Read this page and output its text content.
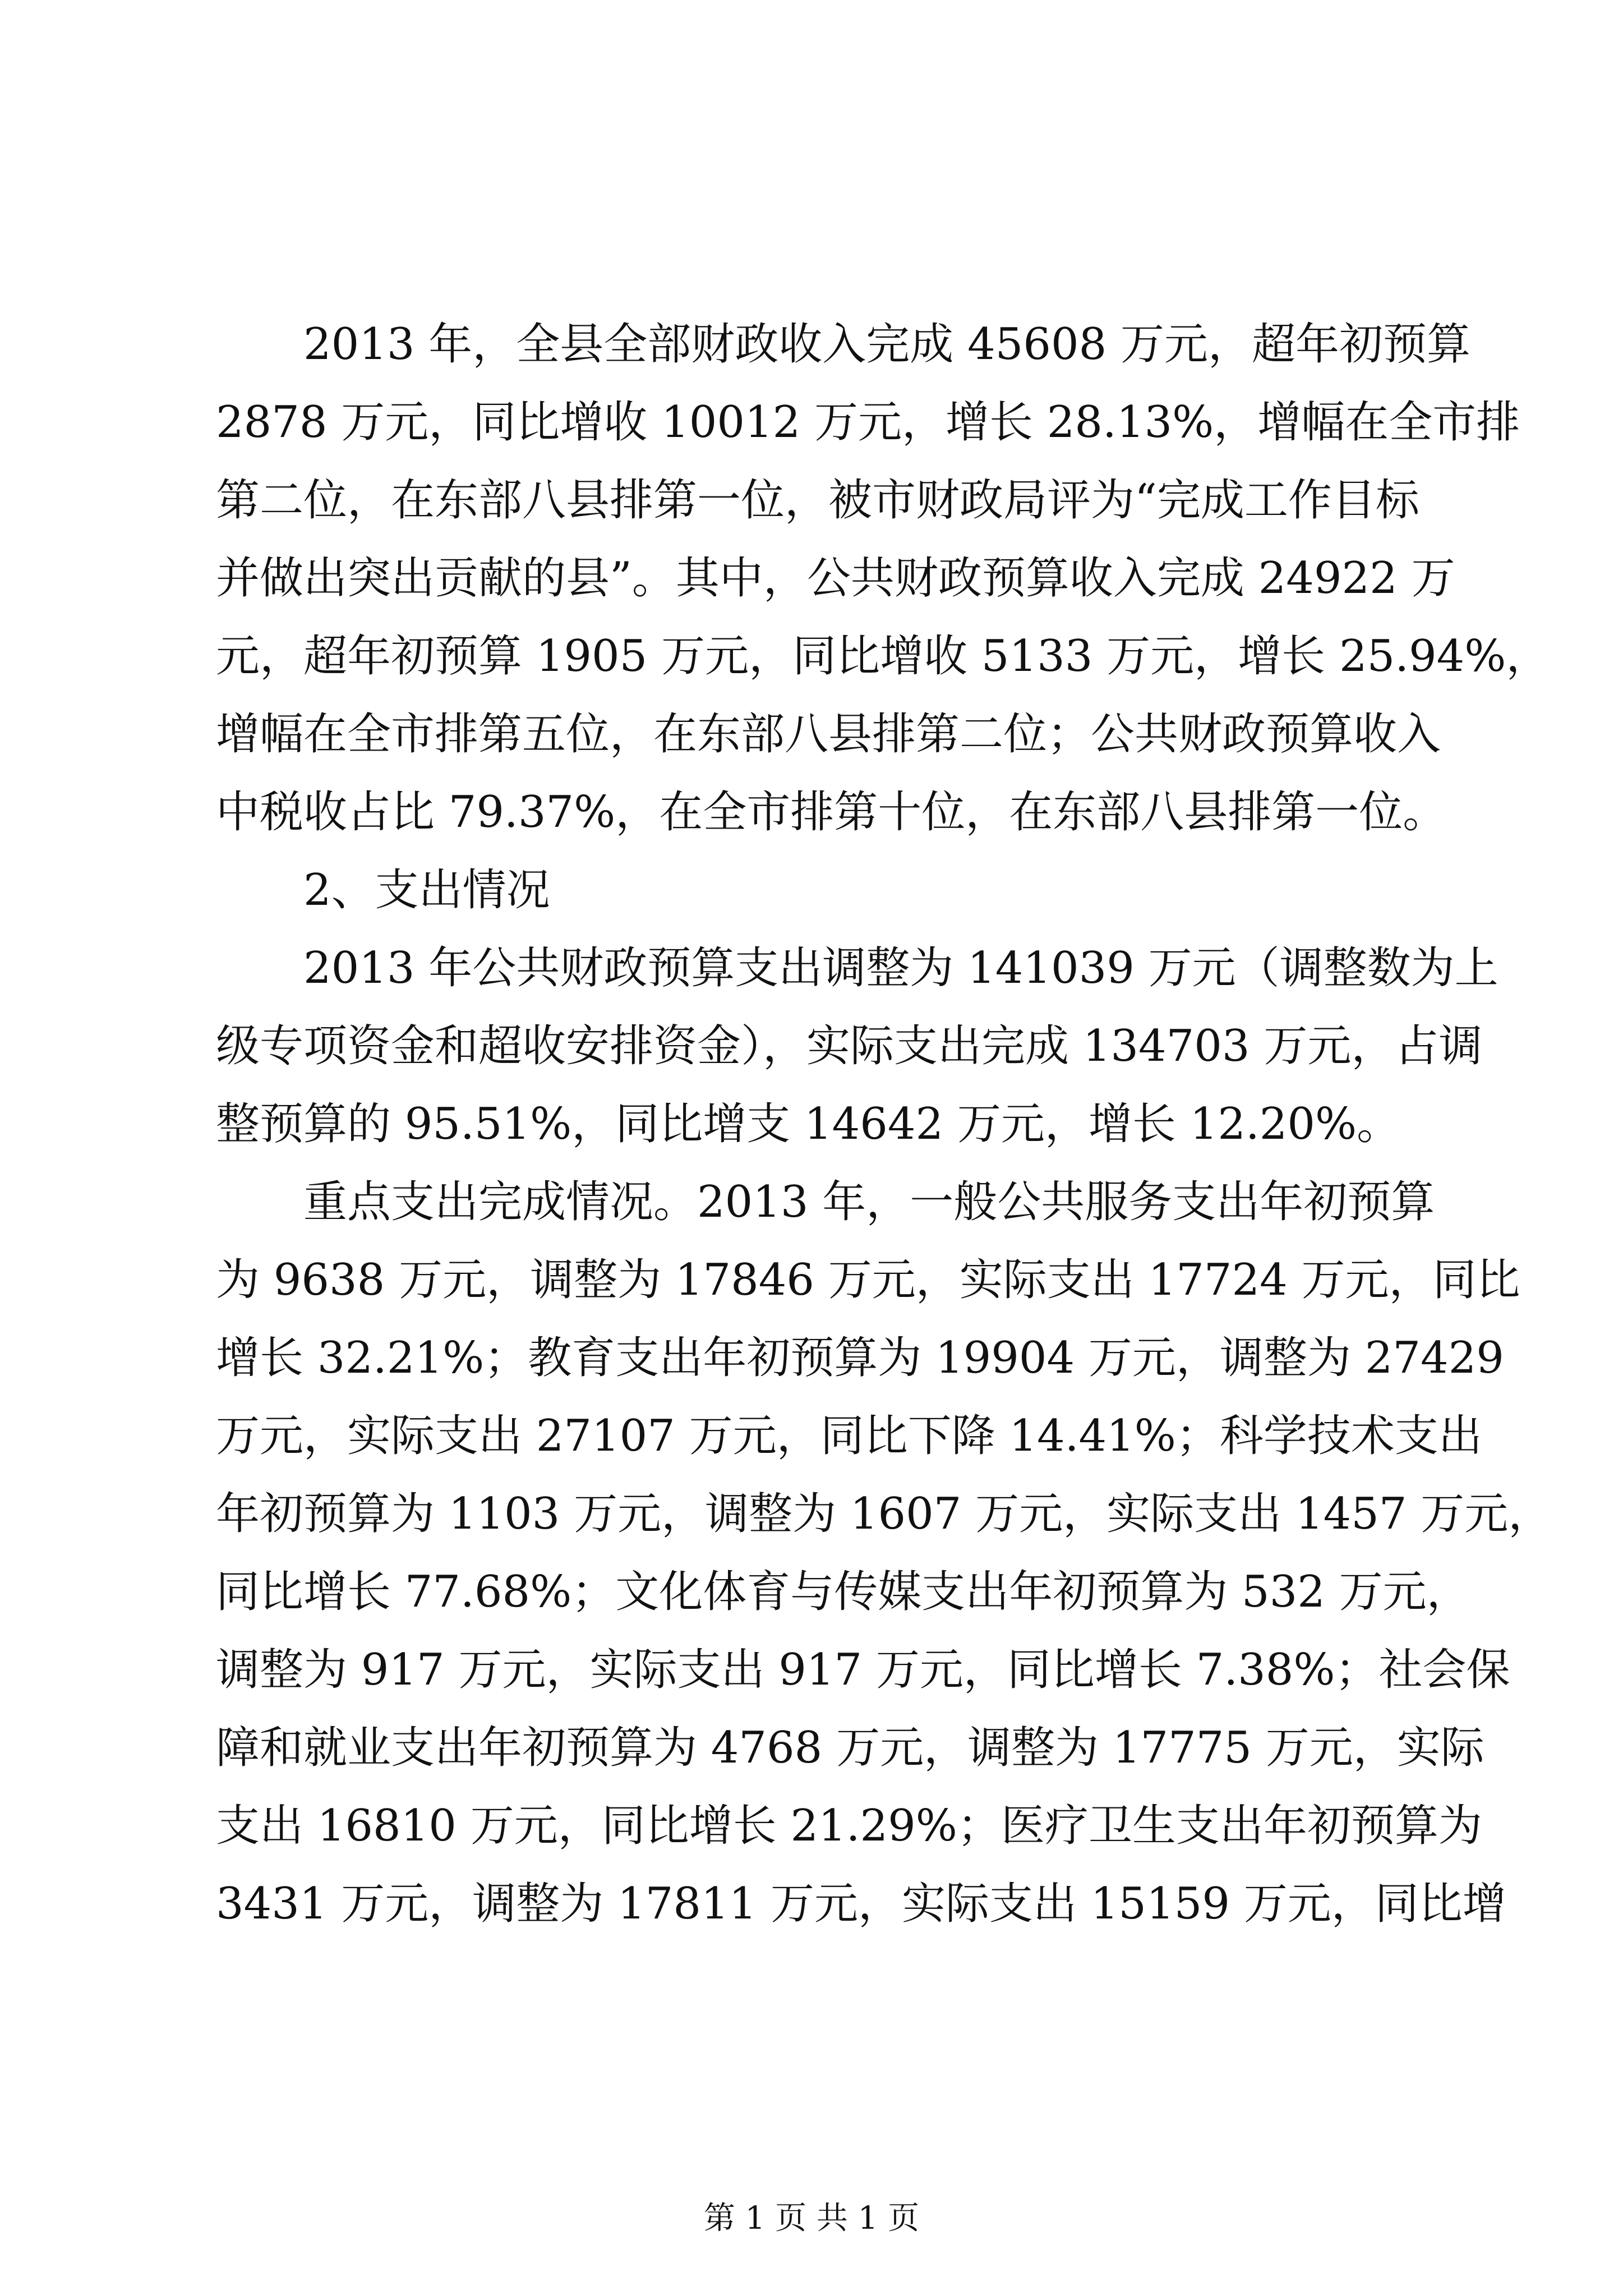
2013 年，全县全部财政收入完成 45608 万元，超年初预算
2878 万元，同比增收 10012 万元，增长 28.13%，增幅在全市排
第二位，在东部八县排第一位，被市财政局评为“完成工作目标
并做出突出贡献的县”。其中，公共财政预算收入完成 24922 万
元，超年初预算 1905 万元，同比增收 5133 万元，增长 25.94%，
增幅在全市排第五位，在东部八县排第二位；公共财政预算收入
中税收占比 79.37%，在全市排第十位，在东部八县排第一位。
2、支出情况
2013 年公共财政预算支出调整为 141039 万元（调整数为上
级专项资金和超收安排资金），实际支出完成 134703 万元，占调
整预算的 95.51%，同比增支 14642 万元，增长 12.20%。
重点支出完成情况。2013 年，一般公共服务支出年初预算
为 9638 万元，调整为 17846 万元，实际支出 17724 万元，同比
增长 32.21%；教育支出年初预算为 19904 万元，调整为 27429
万元，实际支出 27107 万元，同比下降 14.41%；科学技术支出
年初预算为 1103 万元，调整为 1607 万元，实际支出 1457 万元，
同比增长 77.68%；文化体育与传媒支出年初预算为 532 万元，
调整为 917 万元，实际支出 917 万元，同比增长 7.38%；社会保
障和就业支出年初预算为 4768 万元，调整为 17775 万元，实际
支出 16810 万元，同比增长 21.29%；医疗卫生支出年初预算为
3431 万元，调整为 17811 万元，实际支出 15159 万元，同比增
第 1 页 共 1 页
